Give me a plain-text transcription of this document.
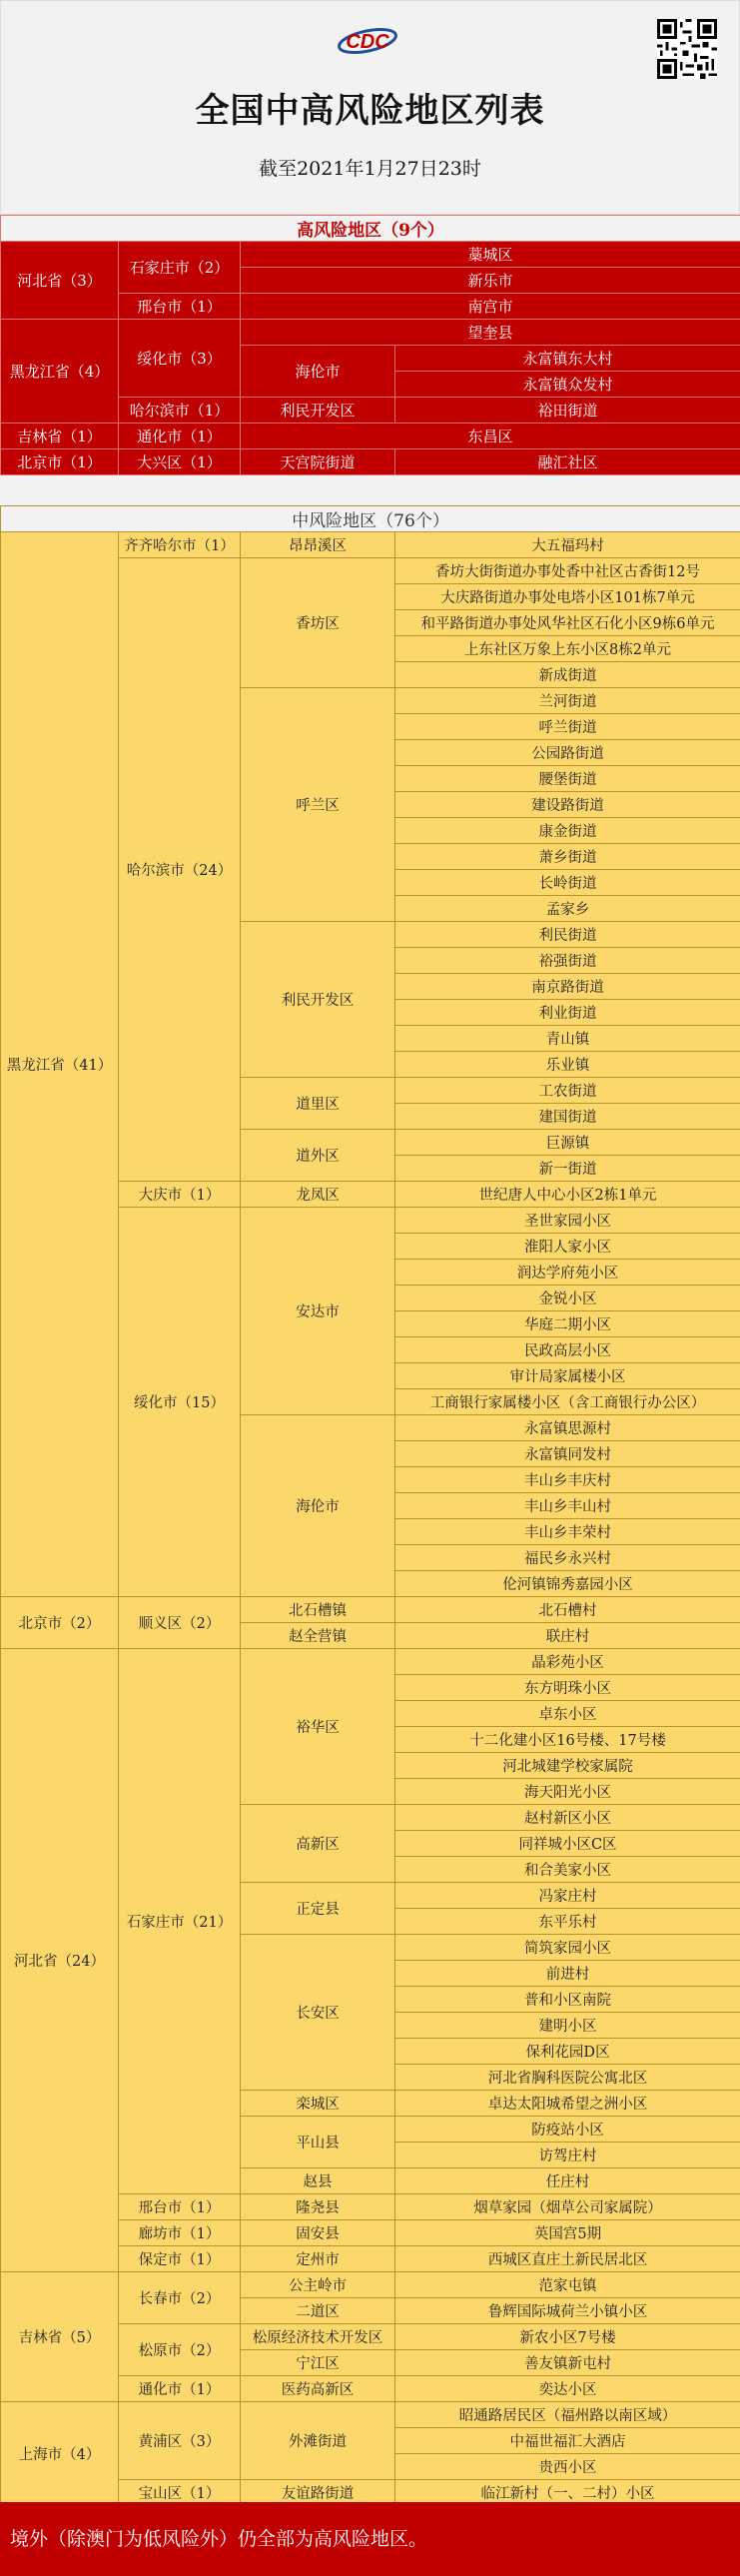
CDC
全国中高风险地区列表
截至2021年1月27日23时
高风险地区（9个）			
河北省（3）	石家庄市（2）	藁城区	
		新乐市	
	邢台市（1）	南宫市	
黑龙江省（4）	绥化市（3）	望奎县	
		海伦市	永富镇东大村
			永富镇众发村
	哈尔滨市（1）	利民开发区	裕田街道
吉林省（1）	通化市（1）	东昌区	
北京市（1）	大兴区（1）	天宫院街道	融汇社区
中风险地区（76个）			
黑龙江省（41）	齐齐哈尔市（1）	昂昂溪区	大五福玛村
	哈尔滨市（24）	香坊区	香坊大街街道办事处香中社区古香街12号
			大庆路街道办事处电塔小区101栋7单元
			和平路街道办事处风华社区石化小区9栋6单元
			上东社区万象上东小区8栋2单元
			新成街道
		呼兰区	兰河街道
			呼兰街道
			公园路街道
			腰堡街道
			建设路街道
			康金街道
			萧乡街道
			长岭街道
			孟家乡
		利民开发区	利民街道
			裕强街道
			南京路街道
			利业街道
			青山镇
			乐业镇
		道里区	工农街道
			建国街道
		道外区	巨源镇
			新一街道
	大庆市（1）	龙凤区	世纪唐人中心小区2栋1单元
	绥化市（15）	安达市	圣世家园小区
			淮阳人家小区
			润达学府苑小区
			金锐小区
			华庭二期小区
			民政高层小区
			审计局家属楼小区
			工商银行家属楼小区（含工商银行办公区）
		海伦市	永富镇思源村
			永富镇同发村
			丰山乡丰庆村
			丰山乡丰山村
			丰山乡丰荣村
			福民乡永兴村
			伦河镇锦秀嘉园小区
北京市（2）	顺义区（2）	北石槽镇	北石槽村
		赵全营镇	联庄村
河北省（24）	石家庄市（21）	裕华区	晶彩苑小区
			东方明珠小区
			卓东小区
			十二化建小区16号楼、17号楼
			河北城建学校家属院
			海天阳光小区
		高新区	赵村新区小区
			同祥城小区C区
			和合美家小区
		正定县	冯家庄村
			东平乐村
		长安区	简筑家园小区
			前进村
			普和小区南院
			建明小区
			保利花园D区
			河北省胸科医院公寓北区
		栾城区	卓达太阳城希望之洲小区
		平山县	防疫站小区
			访驾庄村
		赵县	任庄村
	邢台市（1）	隆尧县	烟草家园（烟草公司家属院）
	廊坊市（1）	固安县	英国宫5期
	保定市（1）	定州市	西城区直庄土新民居北区
吉林省（5）	长春市（2）	公主岭市	范家屯镇
		二道区	鲁辉国际城荷兰小镇小区
	松原市（2）	松原经济技术开发区	新农小区7号楼
		宁江区	善友镇新屯村
	通化市（1）	医药高新区	奕达小区
上海市（4）	黄浦区（3）	外滩街道	昭通路居民区（福州路以南区域）
			中福世福汇大酒店
			贵西小区
	宝山区（1）	友谊路街道	临江新村（一、二村）小区
境外（除澳门为低风险外）仍全部为高风险地区。
